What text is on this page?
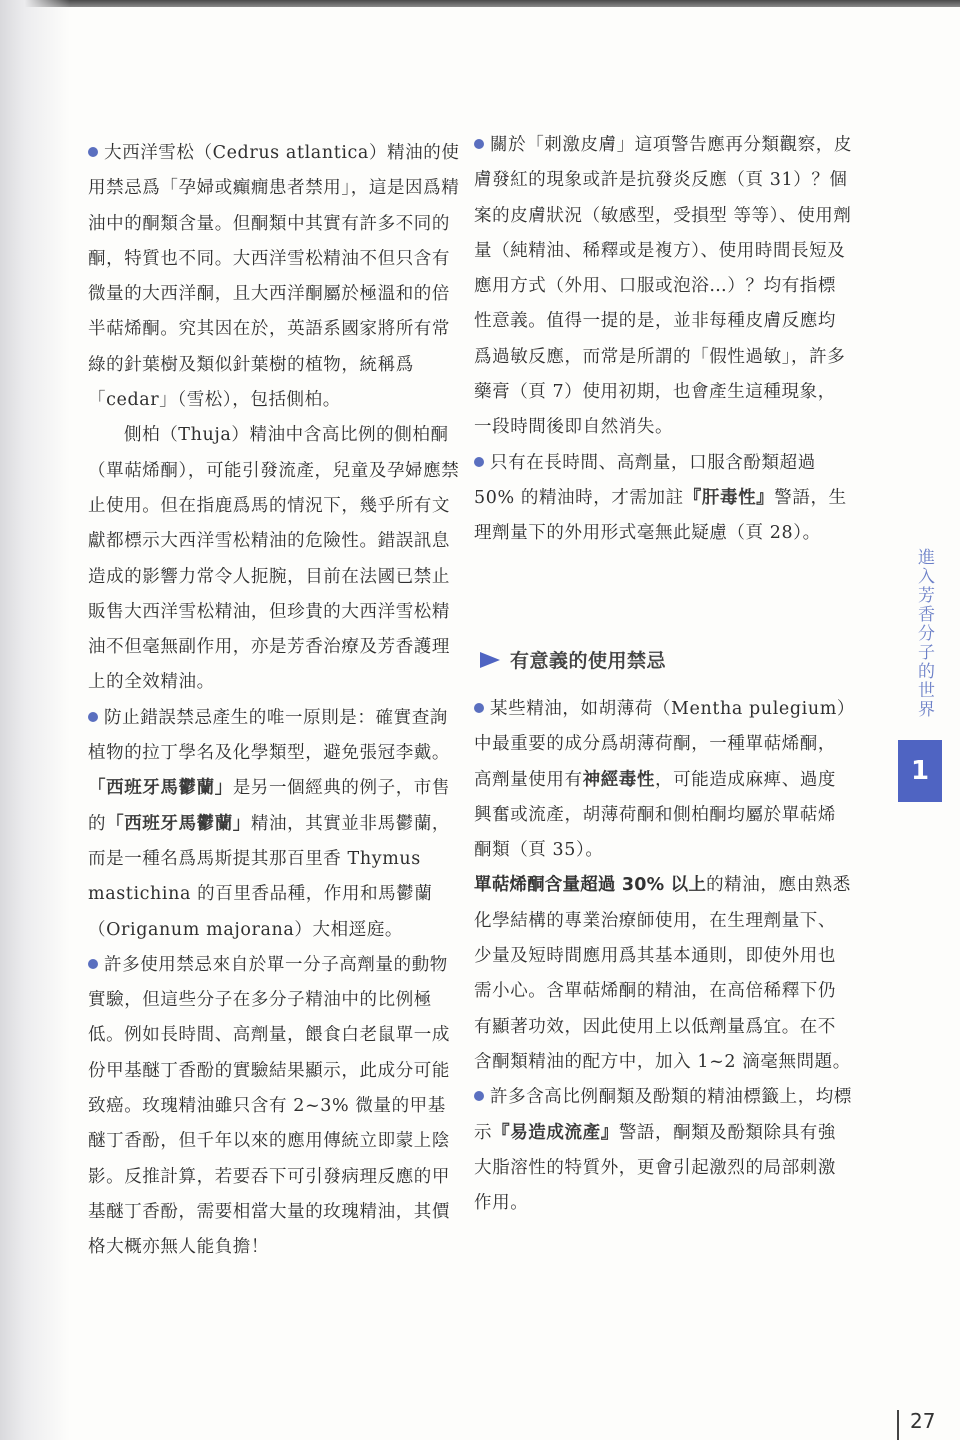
大西洋雪松（Cedrus atlantica）精油的使用禁忌爲「孕婦或癲癇患者禁用」，這是因爲精油中的酮類含量。但酮類中其實有許多不同的酮，特質也不同。大西洋雪松精油不但只含有微量的大西洋酮，且大西洋酮屬於極溫和的倍半萜烯酮。究其因在於，英語系國家將所有常綠的針葉樹及類似針葉樹的植物，統稱爲「cedar」（雪松），包括側柏。

側柏（Thuja）精油中含高比例的側柏酮（單萜烯酮），可能引發流產，兒童及孕婦應禁止使用。但在指鹿爲馬的情況下，幾乎所有文獻都標示大西洋雪松精油的危險性。錯誤訊息造成的影響力常令人扼腕，目前在法國已禁止販售大西洋雪松精油，但珍貴的大西洋雪松精油不但毫無副作用，亦是芳香治療及芳香護理上的全效精油。

防止錯誤禁忌產生的唯一原則是：確實查詢植物的拉丁學名及化學類型，避免張冠李戴。「西班牙馬鬱蘭」是另一個經典的例子，市售的「西班牙馬鬱蘭」精油，其實並非馬鬱蘭，而是一種名爲馬斯提其那百里香 Thymus mastichina 的百里香品種，作用和馬鬱蘭（Origanum majorana）大相逕庭。

許多使用禁忌來自於單一分子高劑量的動物實驗，但這些分子在多分子精油中的比例極低。例如長時間、高劑量，餵食白老鼠單一成份甲基醚丁香酚的實驗結果顯示，此成分可能致癌。玫瑰精油雖只含有 2~3% 微量的甲基醚丁香酚，但千年以來的應用傳統立即蒙上陰影。反推計算，若要吞下可引發病理反應的甲基醚丁香酚，需要相當大量的玫瑰精油，其價格大概亦無人能負擔！

關於「刺激皮膚」這項警告應再分類觀察，皮膚發紅的現象或許是抗發炎反應（頁 31）？個案的皮膚狀況（敏感型，受損型 等等）、使用劑量（純精油、稀釋或是複方）、使用時間長短及應用方式（外用、口服或泡浴…）？均有指標性意義。值得一提的是，並非每種皮膚反應均爲過敏反應，而常是所謂的「假性過敏」，許多藥膏（頁 7）使用初期，也會產生這種現象，一段時間後即自然消失。

只有在長時間、高劑量，口服含酚類超過 50% 的精油時，才需加註『肝毒性』警語，生理劑量下的外用形式毫無此疑慮（頁 28）。

有意義的使用禁忌

某些精油，如胡薄荷（Mentha pulegium）中最重要的成分爲胡薄荷酮，一種單萜烯酮，高劑量使用有神經毒性，可能造成麻痺、過度興奮或流產，胡薄荷酮和側柏酮均屬於單萜烯酮類（頁 35）。

單萜烯酮含量超過 30% 以上的精油，應由熟悉化學結構的專業治療師使用，在生理劑量下、少量及短時間應用爲其基本通則，即使外用也需小心。含單萜烯酮的精油，在高倍稀釋下仍有顯著功效，因此使用上以低劑量爲宜。在不含酮類精油的配方中，加入 1~2 滴毫無問題。

許多含高比例酮類及酚類的精油標籤上，均標示『易造成流產』警語，酮類及酚類除具有強大脂溶性的特質外，更會引起激烈的局部刺激作用。

進入芳香分子的世界
1
27
